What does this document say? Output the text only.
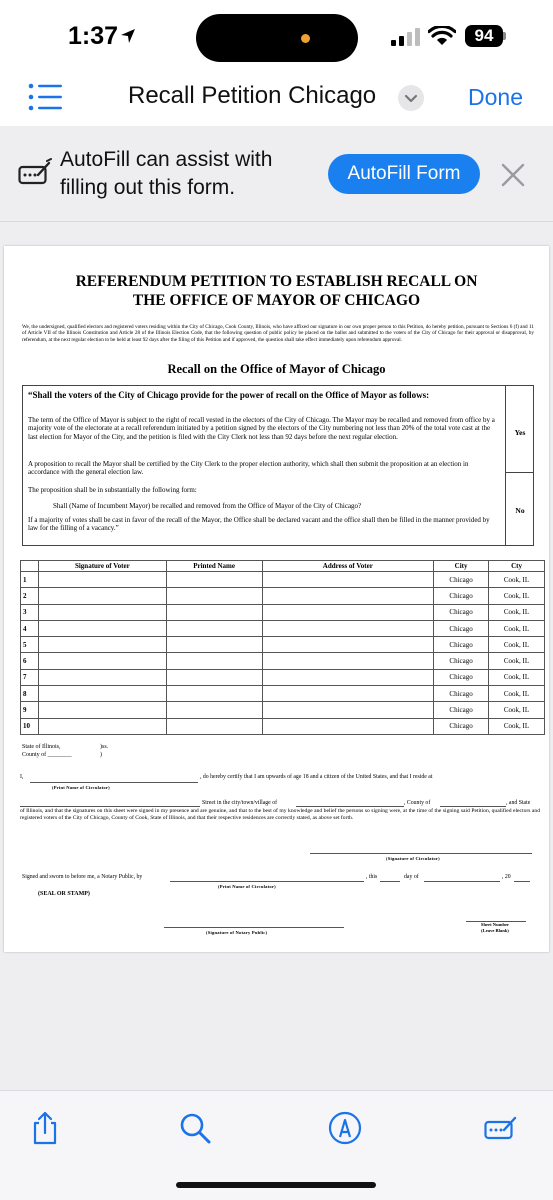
1:37	94
Recall Petition Chicago	Done
AutoFill can assist with filling out this form.
AutoFill Form
REFERENDUM PETITION TO ESTABLISH RECALL ON
THE OFFICE OF MAYOR OF CHICAGO
We, the undersigned, qualified electors and registered voters residing within the City of Chicago, Cook County, Illinois, who have affixed our signature in our own proper person to this Petition, do hereby petition, pursuant to Sections 6 (f) and 11 of Article VII of the Illinois Constitution and Article 28 of the Illinois Election Code, that the following question of public policy be placed on the ballot and submitted to the voters of the City of Chicago for their approval or disapproval, by referendum, at the next regular election to be held at least 92 days after the filing of this Petition and if approved, the question shall take effect immediately upon referendum approval.
Recall on the Office of Mayor of Chicago
“Shall the voters of the City of Chicago provide for the power of recall on the Office of Mayor as follows:
The term of the Office of Mayor is subject to the right of recall vested in the electors of the City of Chicago. The Mayor may be recalled and removed from office by a majority vote of the electorate at a recall referendum initiated by a petition signed by the electors of the City numbering not less than 20% of the total vote cast at the last election for Mayor of the City, and the petition is filed with the City Clerk not less than 92 days before the next regular election.
A proposition to recall the Mayor shall be certified by the City Clerk to the proper election authority, which shall then submit the proposition at an election in accordance with the general election law.
The proposition shall be in substantially the following form:
Shall (Name of Incumbent Mayor) be recalled and removed from the Office of Mayor of the City of Chicago?
If a majority of votes shall be cast in favor of the recall of the Mayor, the Office shall be declared vacant and the office shall then be filled in the manner provided by law for the filling of a vacancy.”
Yes
No
	Signature of Voter	Printed Name	Address of Voter	City	Cty
1				Chicago	Cook, IL
2				Chicago	Cook, IL
3				Chicago	Cook, IL
4				Chicago	Cook, IL
5				Chicago	Cook, IL
6				Chicago	Cook, IL
7				Chicago	Cook, IL
8				Chicago	Cook, IL
9				Chicago	Cook, IL
10				Chicago	Cook, IL
State of Illinois,
County of ________
)ss.
)
I,	, do hereby certify that I am upwards of age 18 and a citizen of the United States, and that I reside at
(Print Name of Circulator)
Street in the city/town/village of	, County of	, and State
of Illinois, and that the signatures on this sheet were signed in my presence and are genuine, and that to the best of my knowledge and belief the persons so signing were, at the time of the signing said Petition, qualified electors and registered voters of the City of Chicago, County of Cook, State of Illinois, and that their respective residences are correctly stated, as above set forth.
(Signature of Circulator)
Signed and sworn to before me, a Notary Public, by	, this	day of	, 20
(Print Name of Circulator)
(SEAL OR STAMP)
(Signature of Notary Public)
Sheet Number
(Leave Blank)
